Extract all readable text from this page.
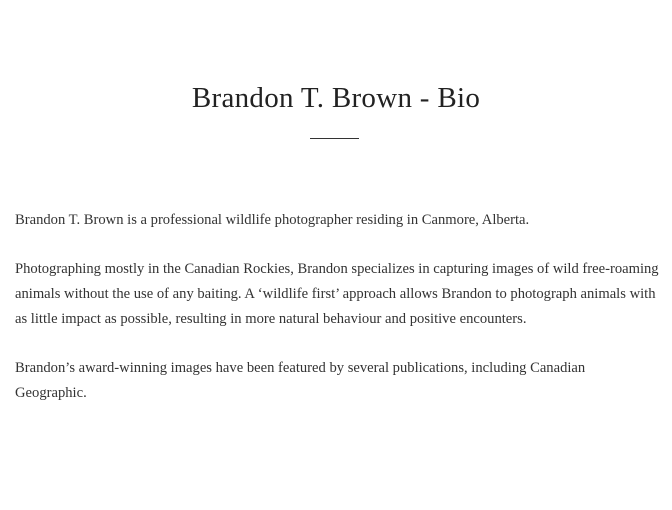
Brandon T. Brown - Bio

Brandon T. Brown is a professional wildlife photographer residing in Canmore, Alberta.

Photographing mostly in the Canadian Rockies, Brandon specializes in capturing images of wild free-roaming animals without the use of any baiting. A ‘wildlife first’ approach allows Brandon to photograph animals with as little impact as possible, resulting in more natural behaviour and positive encounters.

Brandon’s award-winning images have been featured by several publications, including Canadian Geographic.
